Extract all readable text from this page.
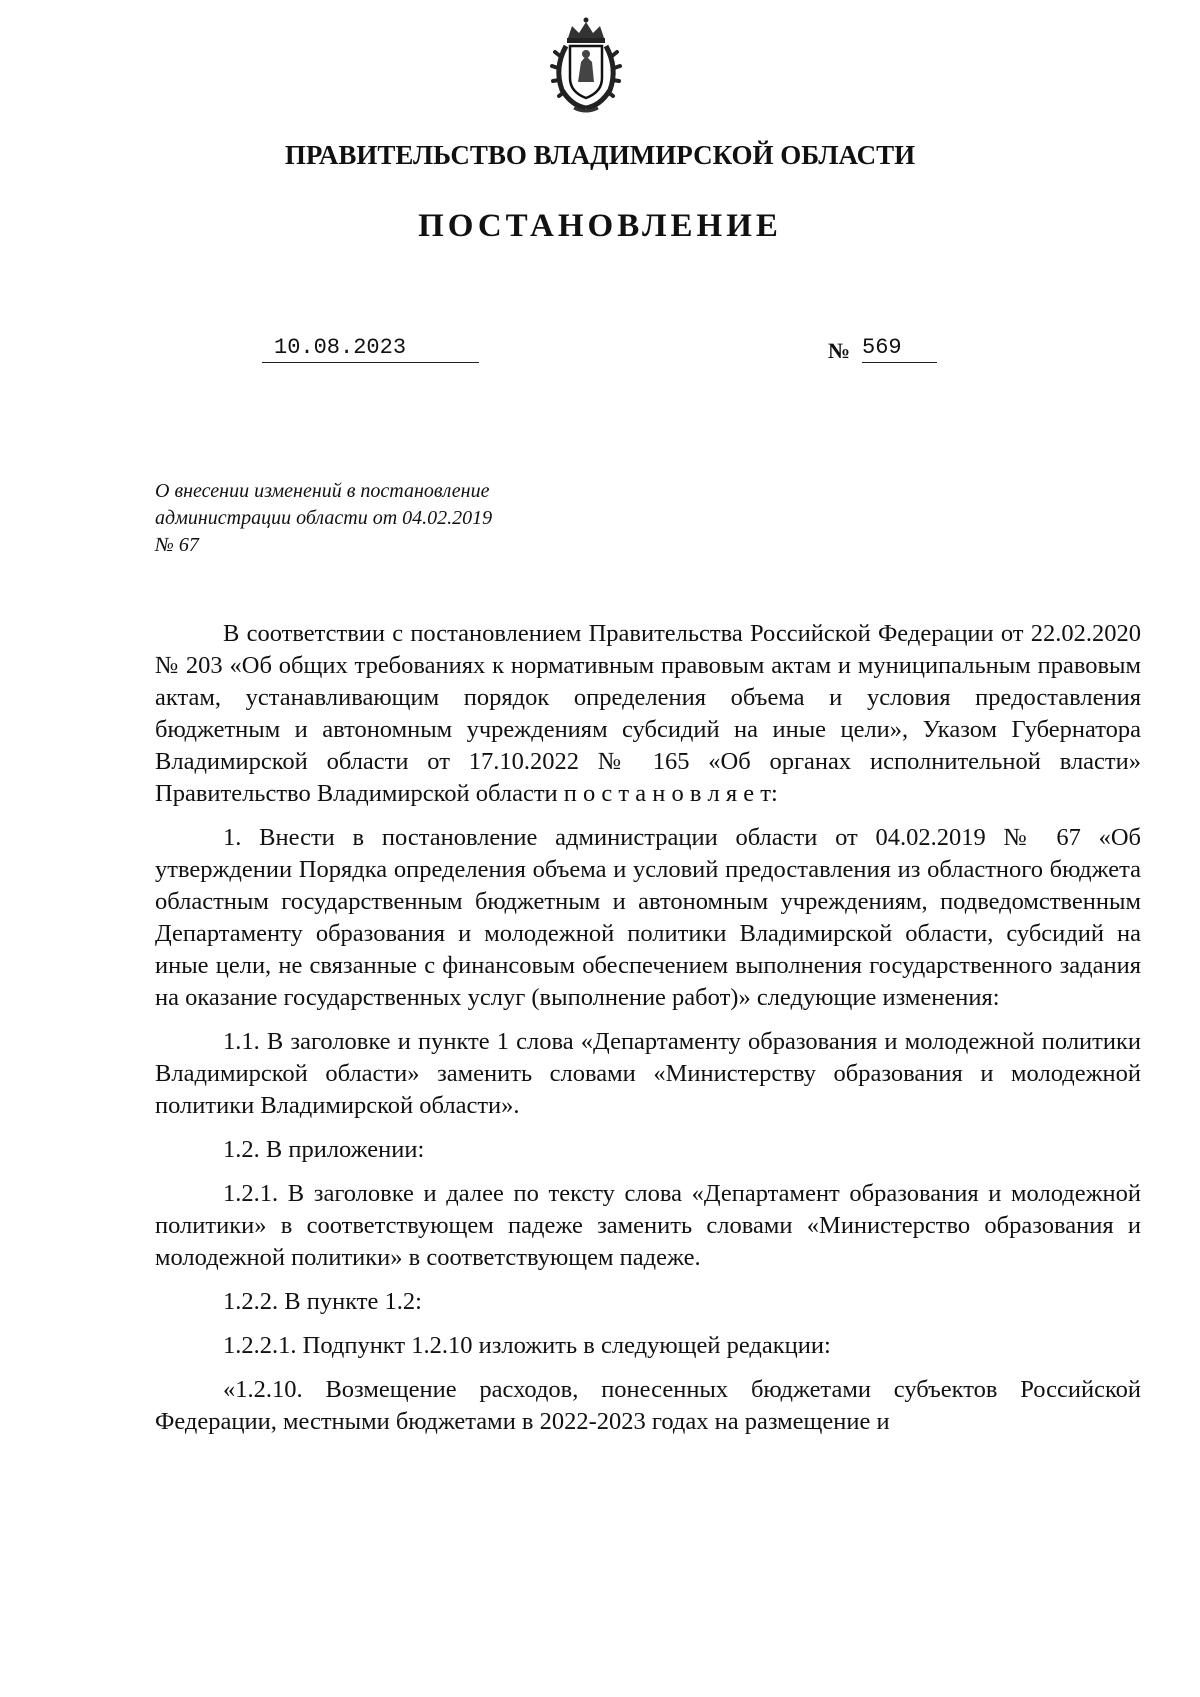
ПРАВИТЕЛЬСТВО ВЛАДИМИРСКОЙ ОБЛАСТИ
ПОСТАНОВЛЕНИЕ
10.08.2023	№ 569
О внесении изменений в постановление
администрации области от 04.02.2019
№ 67

В соответствии с постановлением Правительства Российской Федерации от 22.02.2020 № 203 «Об общих требованиях к нормативным правовым актам и муниципальным правовым актам, устанавливающим порядок определения объема и условия предоставления бюджетным и автономным учреждениям субсидий на иные цели», Указом Губернатора Владимирской области от 17.10.2022 № 165 «Об органах исполнительной власти» Правительство Владимирской области п о с т а н о в л я е т:

1. Внести в постановление администрации области от 04.02.2019 № 67 «Об утверждении Порядка определения объема и условий предоставления из областного бюджета областным государственным бюджетным и автономным учреждениям, подведомственным Департаменту образования и молодежной политики Владимирской области, субсидий на иные цели, не связанные с финансовым обеспечением выполнения государственного задания на оказание государственных услуг (выполнение работ)» следующие изменения:

1.1. В заголовке и пункте 1 слова «Департаменту образования и молодежной политики Владимирской области» заменить словами «Министерству образования и молодежной политики Владимирской области».

1.2. В приложении:

1.2.1. В заголовке и далее по тексту слова «Департамент образования и молодежной политики» в соответствующем падеже заменить словами «Министерство образования и молодежной политики» в соответствующем падеже.

1.2.2. В пункте 1.2:

1.2.2.1. Подпункт 1.2.10 изложить в следующей редакции:

«1.2.10. Возмещение расходов, понесенных бюджетами субъектов Российской Федерации, местными бюджетами в 2022-2023 годах на размещение и
